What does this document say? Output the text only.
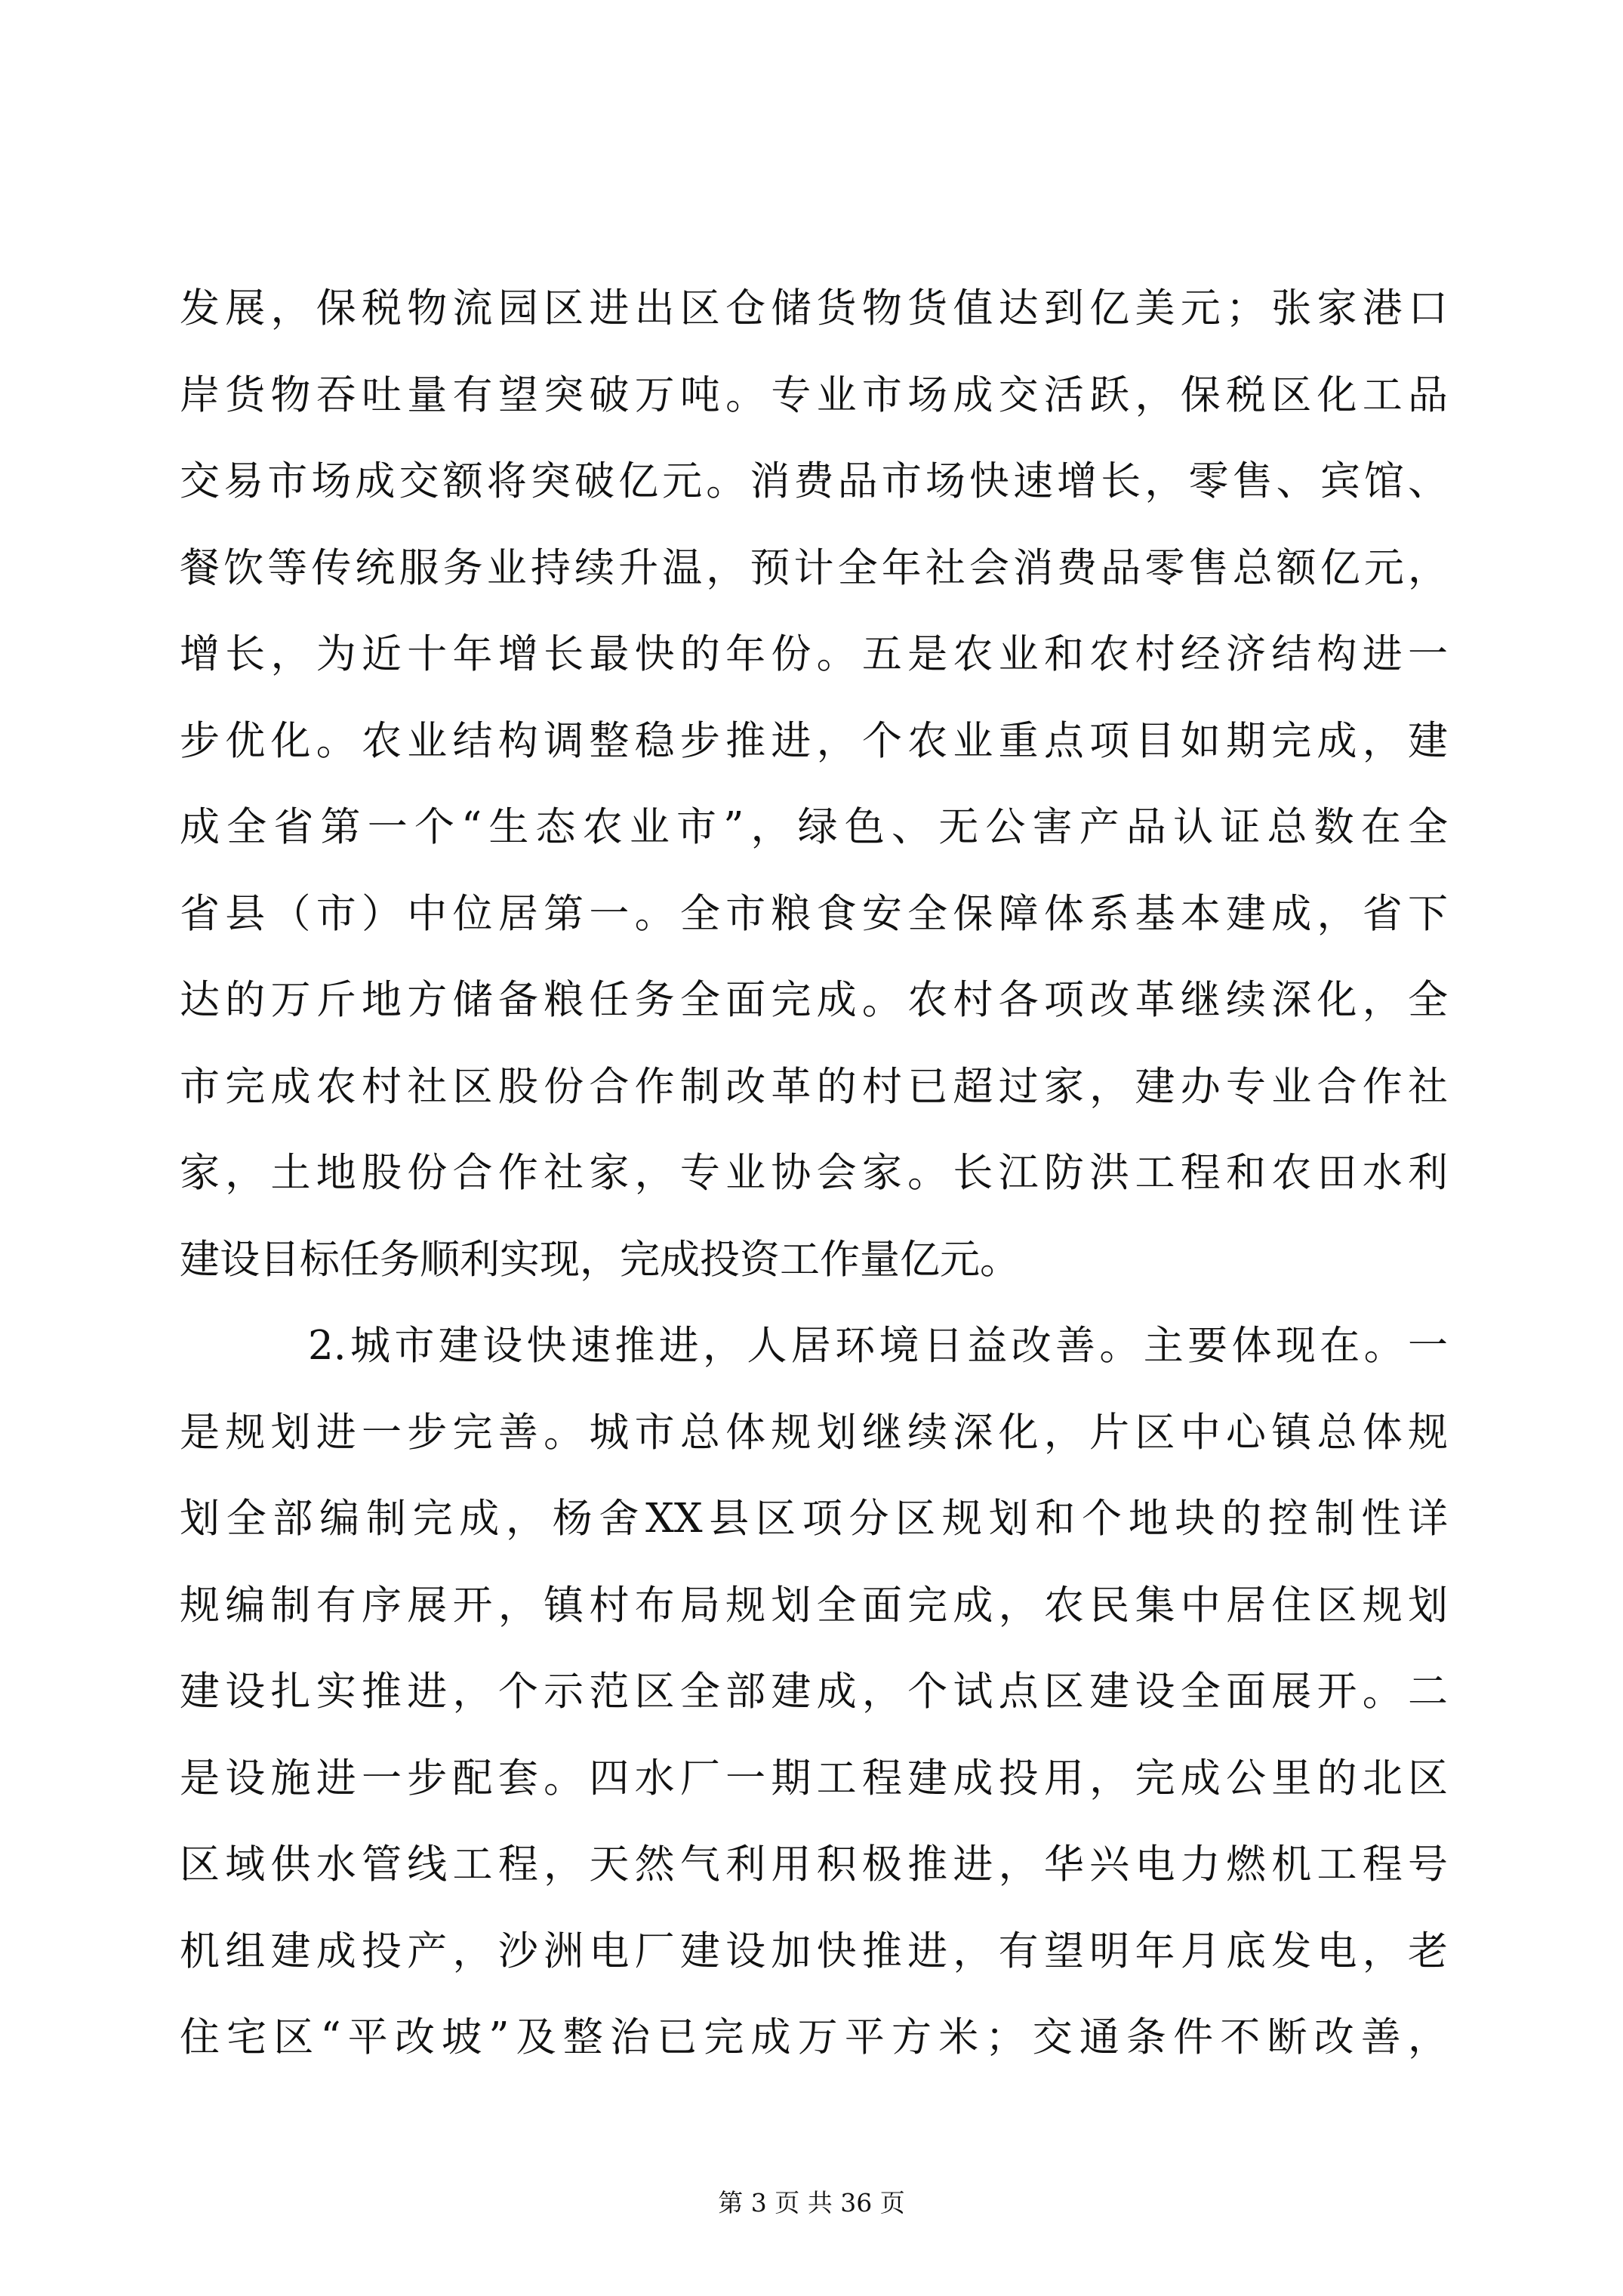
发展，保税物流园区进出区仓储货物货值达到亿美元；张家港口
岸货物吞吐量有望突破万吨。专业市场成交活跃，保税区化工品
交易市场成交额将突破亿元。消费品市场快速增长，零售、宾馆、
餐饮等传统服务业持续升温，预计全年社会消费品零售总额亿元，
增长，为近十年增长最快的年份。五是农业和农村经济结构进一
步优化。农业结构调整稳步推进，个农业重点项目如期完成，建
成全省第一个“生态农业市”，绿色、无公害产品认证总数在全
省县（市）中位居第一。全市粮食安全保障体系基本建成，省下
达的万斤地方储备粮任务全面完成。农村各项改革继续深化，全
市完成农村社区股份合作制改革的村已超过家，建办专业合作社
家，土地股份合作社家，专业协会家。长江防洪工程和农田水利
建设目标任务顺利实现，完成投资工作量亿元。
2.城市建设快速推进，人居环境日益改善。主要体现在。一
是规划进一步完善。城市总体规划继续深化，片区中心镇总体规
划全部编制完成，杨舍XX县区项分区规划和个地块的控制性详
规编制有序展开，镇村布局规划全面完成，农民集中居住区规划
建设扎实推进，个示范区全部建成，个试点区建设全面展开。二
是设施进一步配套。四水厂一期工程建成投用，完成公里的北区
区域供水管线工程，天然气利用积极推进，华兴电力燃机工程号
机组建成投产，沙洲电厂建设加快推进，有望明年月底发电，老
住宅区“平改坡”及整治已完成万平方米；交通条件不断改善，
第 3 页 共 36 页
